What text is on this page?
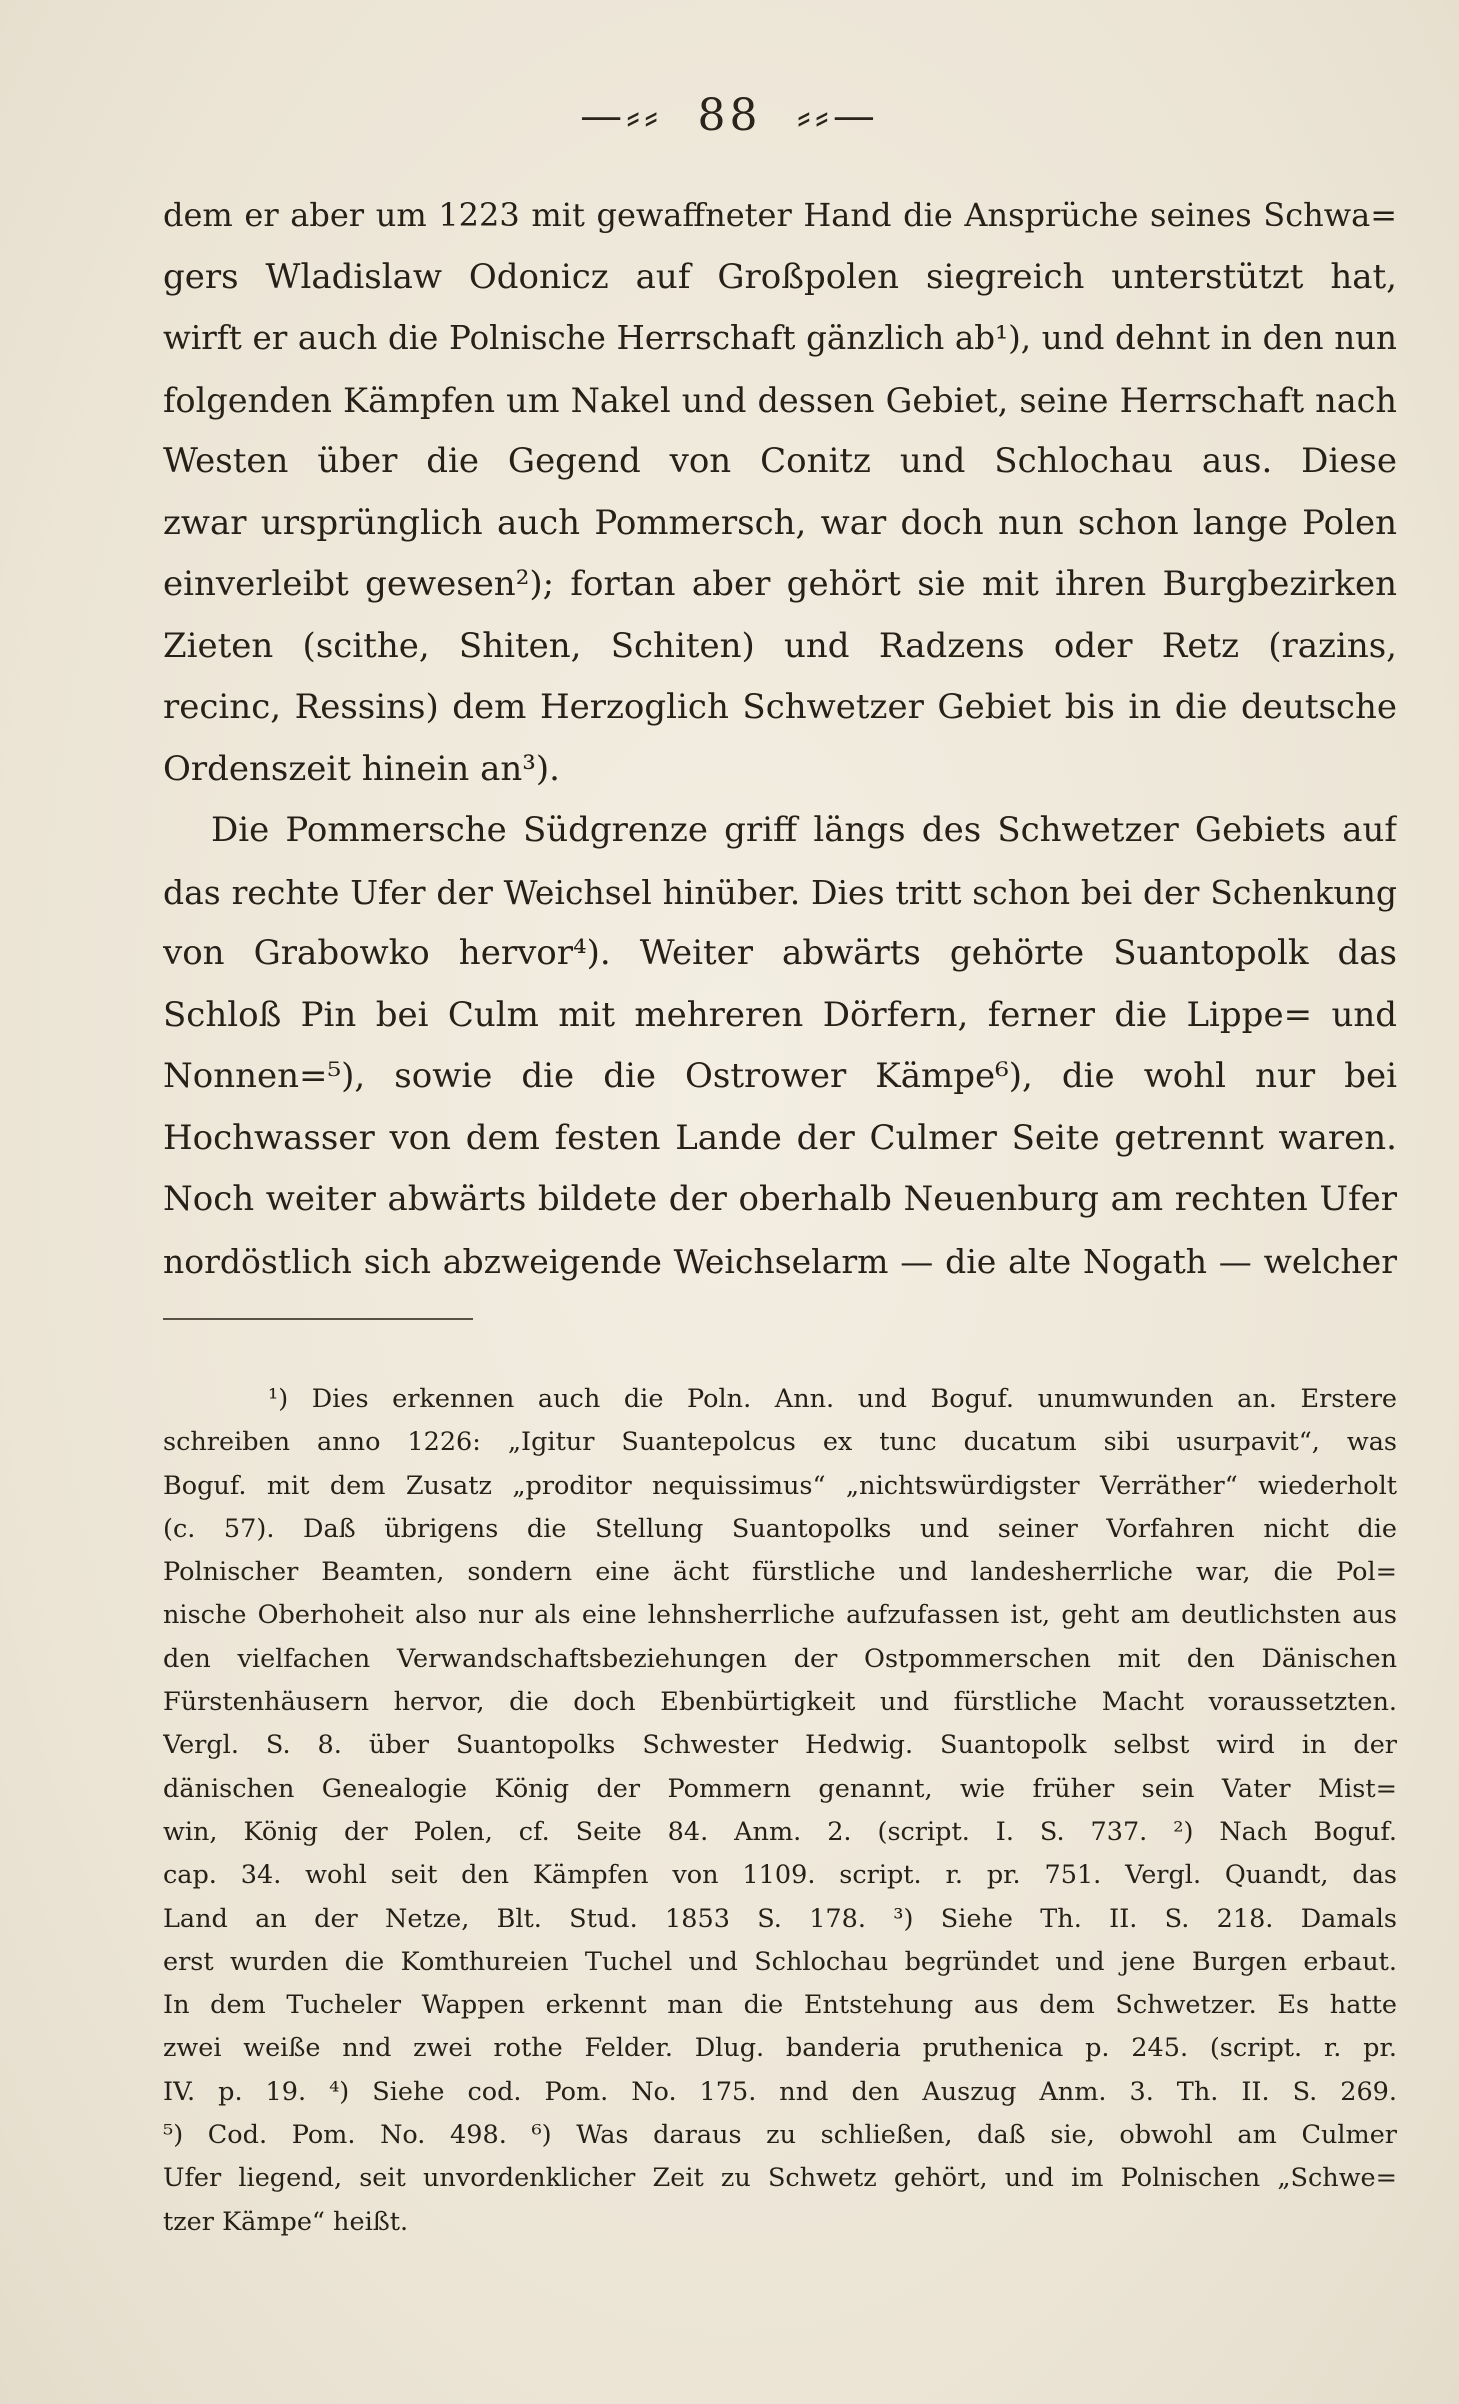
—⸗⸗ 88 ⸗⸗—
dem er aber um 1223 mit gewaffneter Hand die Ansprüche seines Schwa=
gers Wladislaw Odonicz auf Großpolen siegreich unterstützt hat,
wirft er auch die Polnische Herrschaft gänzlich ab¹), und dehnt in den nun
folgenden Kämpfen um Nakel und dessen Gebiet, seine Herrschaft nach
Westen über die Gegend von Conitz und Schlochau aus. Diese
zwar ursprünglich auch Pommersch, war doch nun schon lange Polen
einverleibt gewesen²); fortan aber gehört sie mit ihren Burgbezirken
Zieten (scithe, Shiten, Schiten) und Radzens oder Retz (razins,
recinc, Ressins) dem Herzoglich Schwetzer Gebiet bis in die deutsche
Ordenszeit hinein an³).
Die Pommersche Südgrenze griff längs des Schwetzer Gebiets auf
das rechte Ufer der Weichsel hinüber. Dies tritt schon bei der Schenkung
von Grabowko hervor⁴). Weiter abwärts gehörte Suantopolk das
Schloß Pin bei Culm mit mehreren Dörfern, ferner die Lippe= und
Nonnen=⁵), sowie die die Ostrower Kämpe⁶), die wohl nur bei
Hochwasser von dem festen Lande der Culmer Seite getrennt waren.
Noch weiter abwärts bildete der oberhalb Neuenburg am rechten Ufer
nordöstlich sich abzweigende Weichselarm — die alte Nogath — welcher
¹) Dies erkennen auch die Poln. Ann. und Boguf. unumwunden an. Erstere
schreiben anno 1226: „Igitur Suantepolcus ex tunc ducatum sibi usurpavit“, was
Boguf. mit dem Zusatz „proditor nequissimus“ „nichtswürdigster Verräther“ wiederholt
(c. 57). Daß übrigens die Stellung Suantopolks und seiner Vorfahren nicht die
Polnischer Beamten, sondern eine ächt fürstliche und landesherrliche war, die Pol=
nische Oberhoheit also nur als eine lehnsherrliche aufzufassen ist, geht am deutlichsten aus
den vielfachen Verwandschaftsbeziehungen der Ostpommerschen mit den Dänischen
Fürstenhäusern hervor, die doch Ebenbürtigkeit und fürstliche Macht voraussetzten.
Vergl. S. 8. über Suantopolks Schwester Hedwig. Suantopolk selbst wird in der
dänischen Genealogie König der Pommern genannt, wie früher sein Vater Mist=
win, König der Polen, cf. Seite 84. Anm. 2. (script. I. S. 737. ²) Nach Boguf.
cap. 34. wohl seit den Kämpfen von 1109. script. r. pr. 751. Vergl. Quandt, das
Land an der Netze, Blt. Stud. 1853 S. 178. ³) Siehe Th. II. S. 218. Damals
erst wurden die Komthureien Tuchel und Schlochau begründet und jene Burgen erbaut.
In dem Tucheler Wappen erkennt man die Entstehung aus dem Schwetzer. Es hatte
zwei weiße nnd zwei rothe Felder. Dlug. banderia pruthenica p. 245. (script. r. pr.
IV. p. 19. ⁴) Siehe cod. Pom. No. 175. nnd den Auszug Anm. 3. Th. II. S. 269.
⁵) Cod. Pom. No. 498. ⁶) Was daraus zu schließen, daß sie, obwohl am Culmer
Ufer liegend, seit unvordenklicher Zeit zu Schwetz gehört, und im Polnischen „Schwe=
tzer Kämpe“ heißt.
